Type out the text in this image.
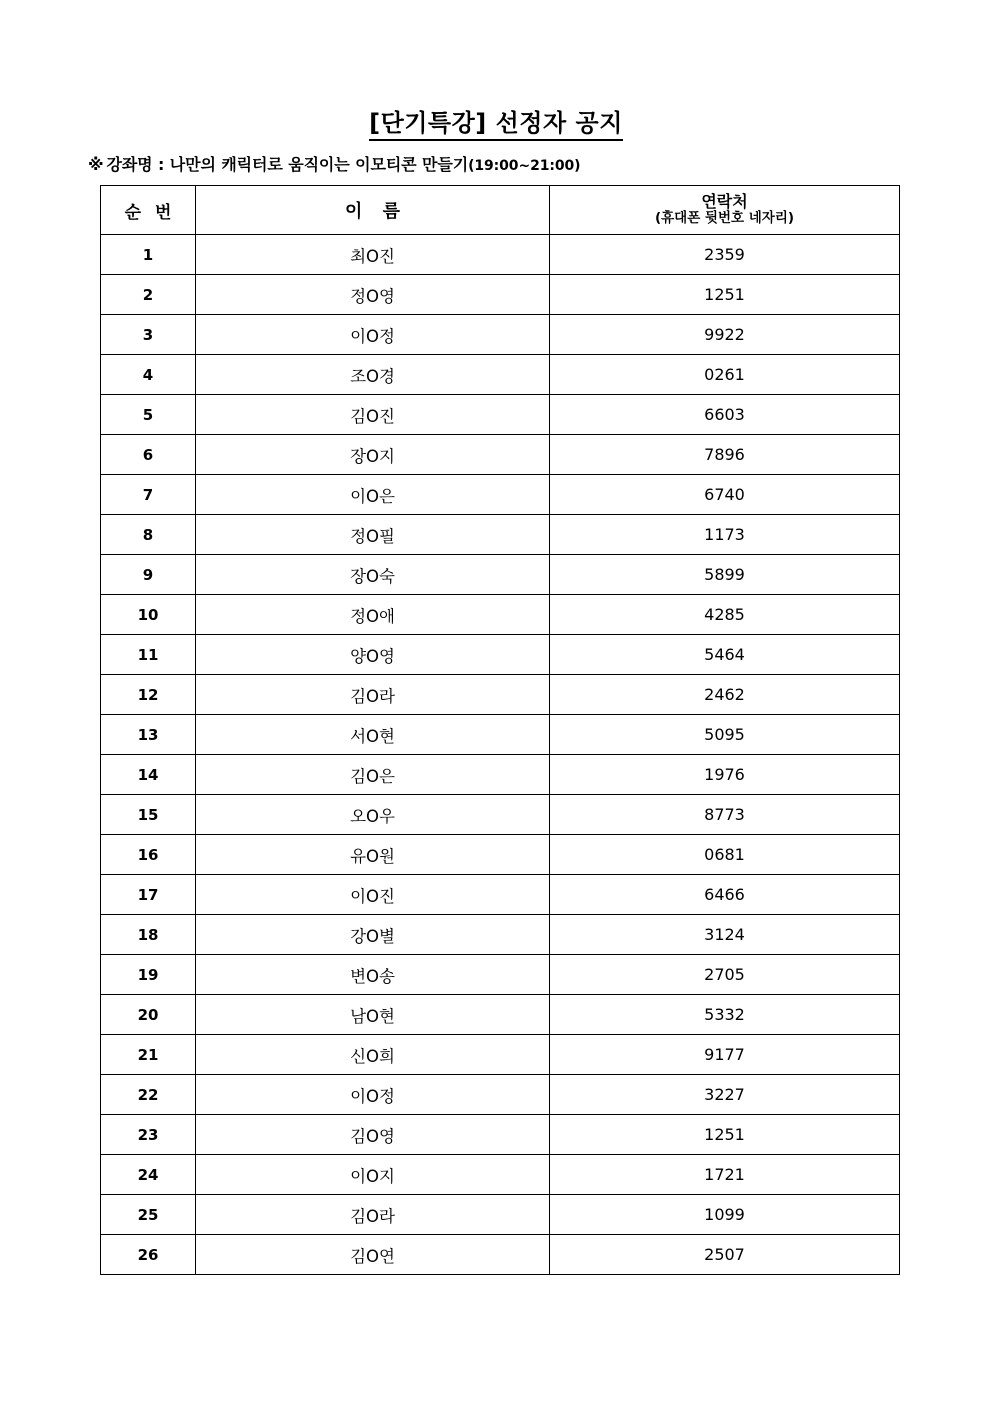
[단기특강] 선정자 공지
※ 강좌명 : 나만의 캐릭터로 움직이는 이모티콘 만들기(19:00~21:00)
순 번	이 름	연락처
(휴대폰 뒷번호 네자리)

1	최O진	2359
2	정O영	1251
3	이O정	9922
4	조O경	0261
5	김O진	6603
6	장O지	7896
7	이O은	6740
8	정O필	1173
9	장O숙	5899
10	정O애	4285
11	양O영	5464
12	김O라	2462
13	서O현	5095
14	김O은	1976
15	오O우	8773
16	유O원	0681
17	이O진	6466
18	강O별	3124
19	변O송	2705
20	남O현	5332
21	신O희	9177
22	이O정	3227
23	김O영	1251
24	이O지	1721
25	김O라	1099
26	김O연	2507
